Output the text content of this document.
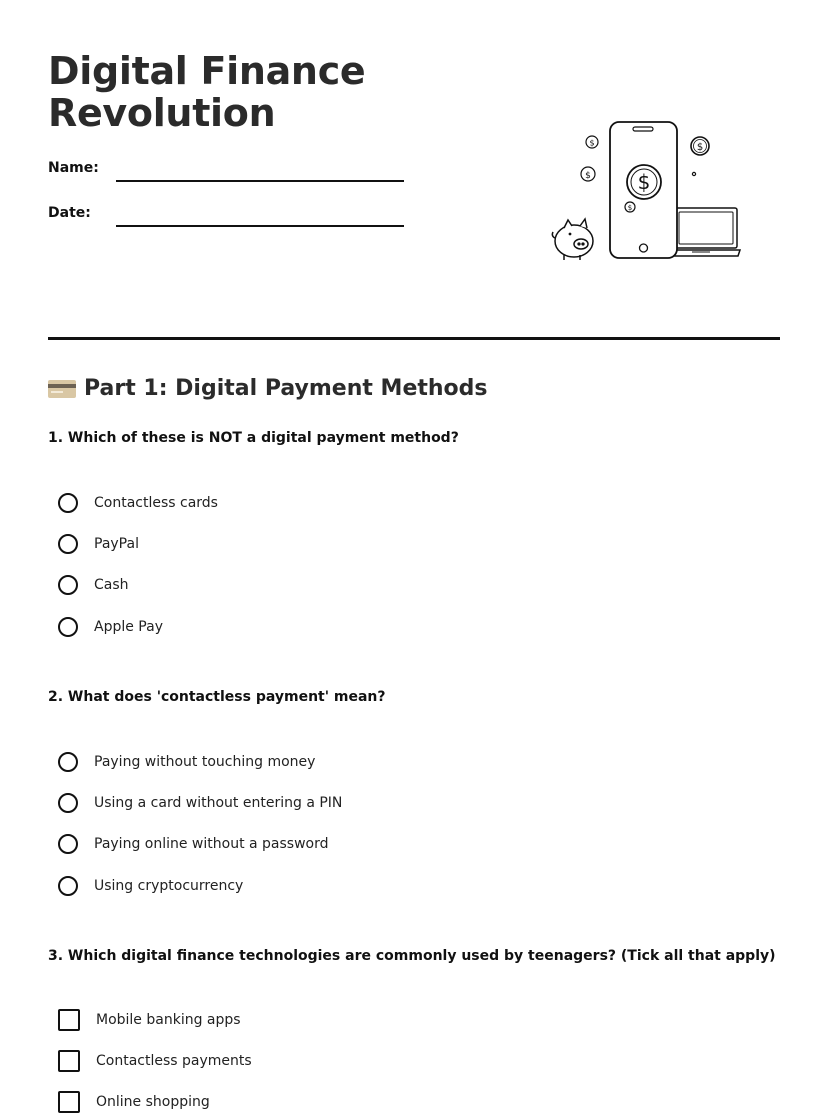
Digital Finance Revolution
Name:
Date:
$
$
$
$
$
Part 1: Digital Payment Methods

1. Which of these is NOT a digital payment method?

Contactless cards
PayPal
Cash
Apple Pay

2. What does 'contactless payment' mean?

Paying without touching money
Using a card without entering a PIN
Paying online without a password
Using cryptocurrency

3. Which digital finance technologies are commonly used by teenagers? (Tick all that apply)

Mobile banking apps
Contactless payments
Online shopping
